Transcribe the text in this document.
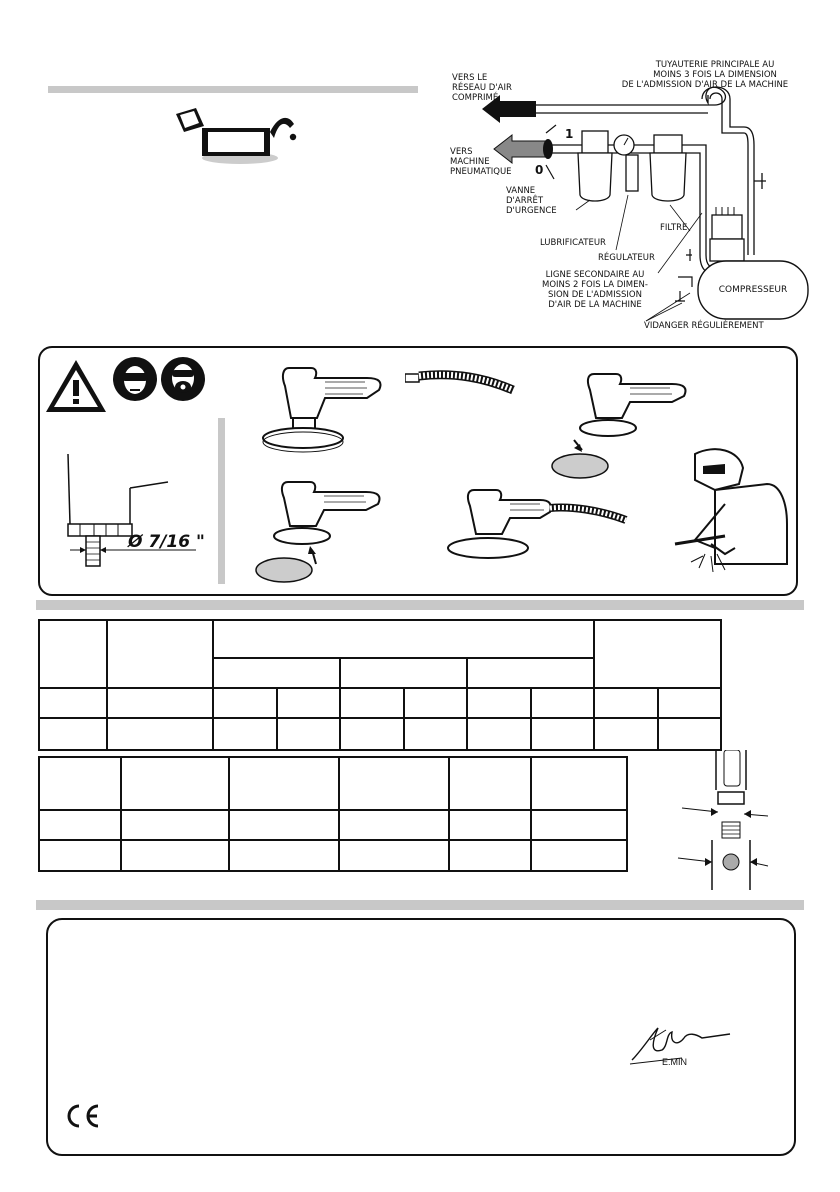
TUYAUTERIE PRINCIPALE AU
MOINS 3 FOIS LA DIMENSION
DE L'ADMISSION D'AIR DE LA MACHINE
VERS LE
RÉSEAU D'AIR
COMPRIMÉ
VERS
MACHINE
PNEUMATIQUE
1
0
VANNE
D'ARRÊT
D'URGENCE
LUBRIFICATEUR
RÉGULATEUR
FILTRE
LIGNE SECONDAIRE AU
MOINS 2 FOIS LA DIMEN-
SION DE L'ADMISSION
D'AIR DE LA MACHINE
COMPRESSEUR
VIDANGER RÉGULIÈREMENT
Ø 7/16 "

E.MIN
